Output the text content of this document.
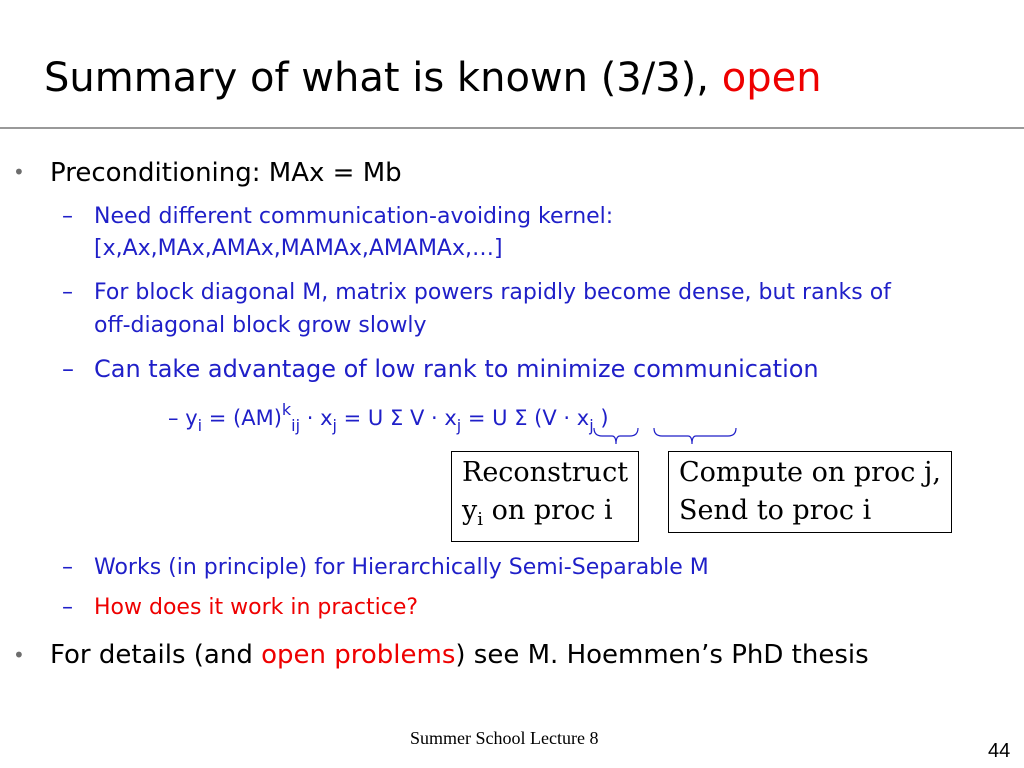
Summary of what is known (3/3), open
• Preconditioning: MAx = Mb
– Need different communication-avoiding kernel:
[x,Ax,MAx,AMAx,MAMAx,AMAMAx,…]
– For block diagonal M, matrix powers rapidly become dense, but ranks of
off-diagonal block grow slowly
– Can take advantage of low rank to minimize communication
– $y_i = (AM)^k_{ij} \cdot x_j = U$ Σ $V \cdot x_j = U$ Σ ($V \cdot x_j$ )
Reconstruct
$y_i$ on proc i
Compute on proc j,
Send to proc i
– Works (in principle) for Hierarchically Semi-Separable M
– How does it work in practice?
• For details (and open problems) see M. Hoemmen’s PhD thesis
Summer School Lecture 8
44
